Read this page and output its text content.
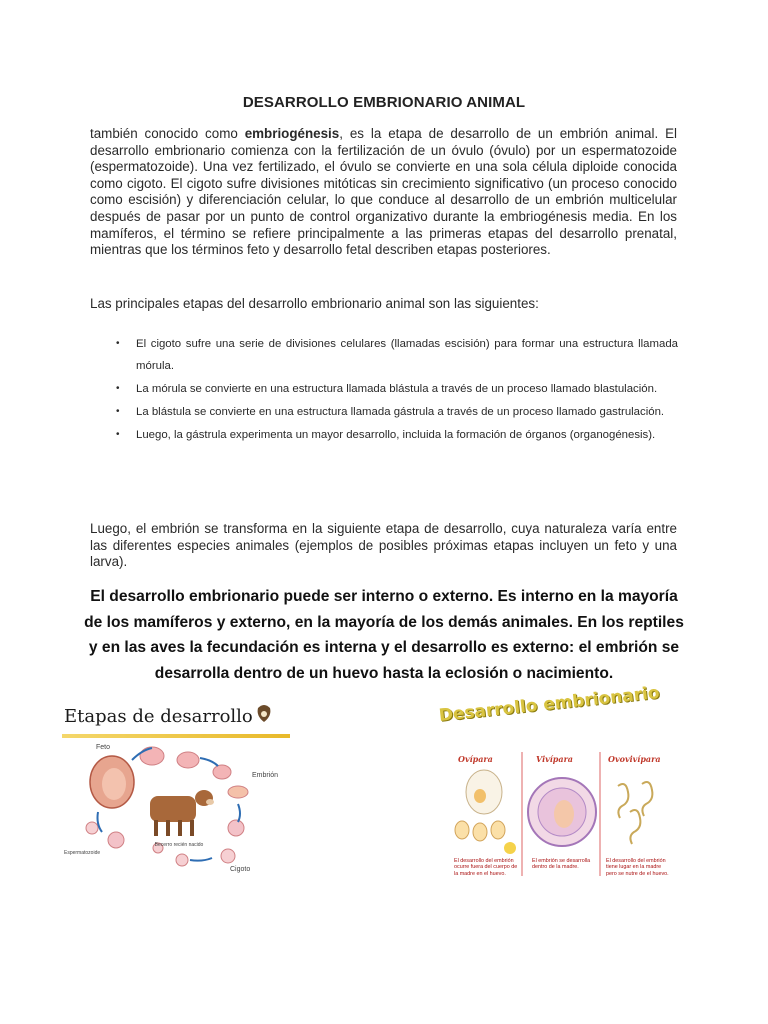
DESARROLLO EMBRIONARIO ANIMAL
también conocido como embriogénesis, es la etapa de desarrollo de un embrión animal. El desarrollo embrionario comienza con la fertilización de un óvulo (óvulo) por un espermatozoide (espermatozoide). Una vez fertilizado, el óvulo se convierte en una sola célula diploide conocida como cigoto. El cigoto sufre divisiones mitóticas sin crecimiento significativo (un proceso conocido como escisión) y diferenciación celular, lo que conduce al desarrollo de un embrión multicelular después de pasar por un punto de control organizativo durante la embriogénesis media. En los mamíferos, el término se refiere principalmente a las primeras etapas del desarrollo prenatal, mientras que los términos feto y desarrollo fetal describen etapas posteriores.
Las principales etapas del desarrollo embrionario animal son las siguientes:
• El cigoto sufre una serie de divisiones celulares (llamadas escisión) para formar una estructura llamada mórula.
• La mórula se convierte en una estructura llamada blástula a través de un proceso llamado blastulación.
• La blástula se convierte en una estructura llamada gástrula a través de un proceso llamado gastrulación.
• Luego, la gástrula experimenta un mayor desarrollo, incluida la formación de órganos (organogénesis).
Luego, el embrión se transforma en la siguiente etapa de desarrollo, cuya naturaleza varía entre las diferentes especies animales (ejemplos de posibles próximas etapas incluyen un feto y una larva).
El desarrollo embrionario puede ser interno o externo. Es interno en la mayoría de los mamíferos y externo, en la mayoría de los demás animales. En los reptiles y en las aves la fecundación es interna y el desarrollo es externo: el embrión se desarrolla dentro de un huevo hasta la eclosión o nacimiento.
Etapas de desarrollo
Feto
Embrión
Cigoto
Espermatozoide
Becerro recién nacido
Desarrollo embrionario
Ovípara	Vivípara	Ovovivípara
El desarrollo del embrión ocurre fuera del cuerpo de la madre en el huevo.
El embrión se desarrolla dentro de la madre.
El desarrollo del embrión tiene lugar en la madre pero se nutre de el huevo.
